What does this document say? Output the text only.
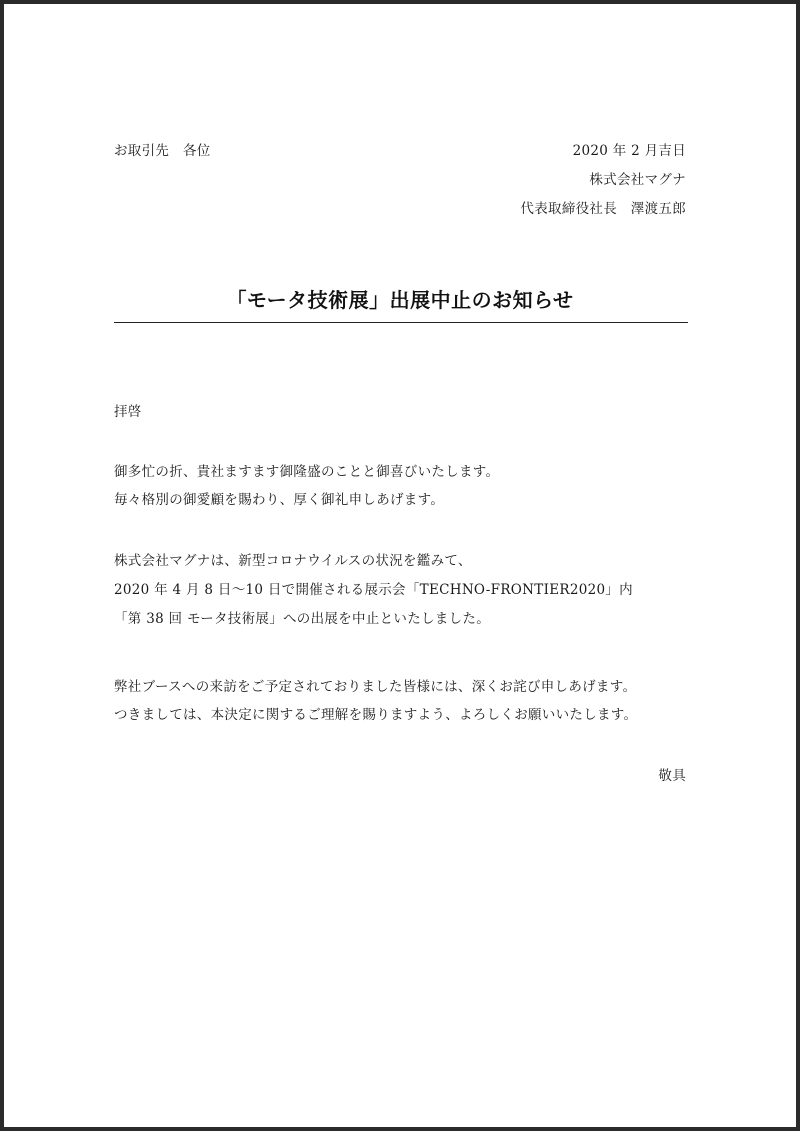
お取引先　各位	2020 年 2 月吉日
株式会社マグナ
代表取締役社長　澤渡五郎
「モータ技術展」出展中止のお知らせ
拝啓
御多忙の折、貴社ますます御隆盛のことと御喜びいたします。
毎々格別の御愛顧を賜わり、厚く御礼申しあげます。
株式会社マグナは、新型コロナウイルスの状況を鑑みて、
2020 年 4 月 8 日～10 日で開催される展示会「TECHNO-FRONTIER2020」内
「第 38 回 モータ技術展」への出展を中止といたしました。
弊社ブースへの来訪をご予定されておりました皆様には、深くお詫び申しあげます。
つきましては、本決定に関するご理解を賜りますよう、よろしくお願いいたします。
敬具
